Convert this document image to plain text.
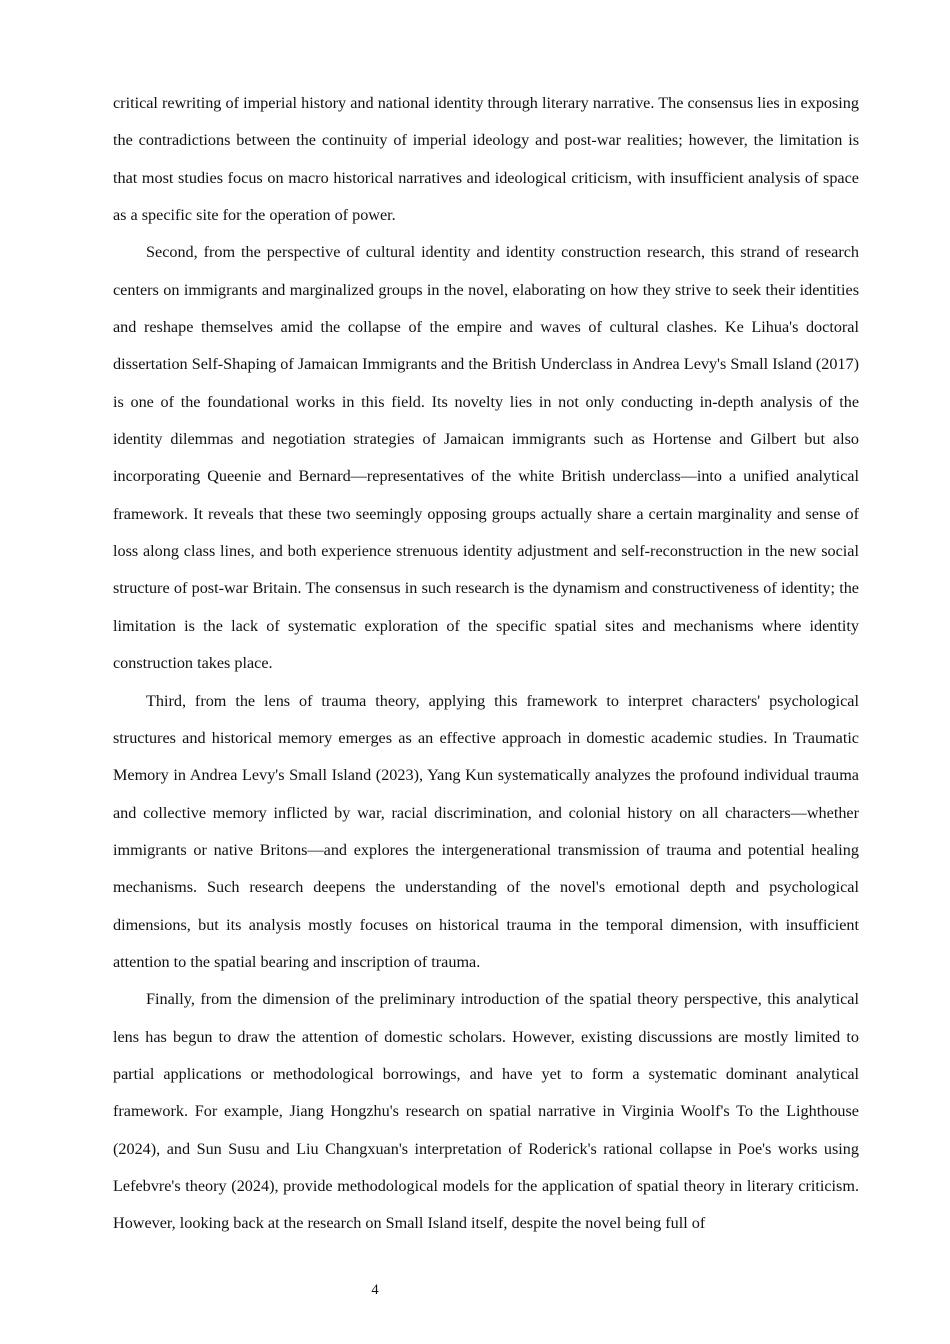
critical rewriting of imperial history and national identity through literary narrative. The consensus lies in exposing the contradictions between the continuity of imperial ideology and post-war realities; however, the limitation is that most studies focus on macro historical narratives and ideological criticism, with insufficient analysis of space as a specific site for the operation of power.

Second, from the perspective of cultural identity and identity construction research, this strand of research centers on immigrants and marginalized groups in the novel, elaborating on how they strive to seek their identities and reshape themselves amid the collapse of the empire and waves of cultural clashes. Ke Lihua's doctoral dissertation Self-Shaping of Jamaican Immigrants and the British Underclass in Andrea Levy's Small Island (2017) is one of the foundational works in this field. Its novelty lies in not only conducting in-depth analysis of the identity dilemmas and negotiation strategies of Jamaican immigrants such as Hortense and Gilbert but also incorporating Queenie and Bernard—representatives of the white British underclass—into a unified analytical framework. It reveals that these two seemingly opposing groups actually share a certain marginality and sense of loss along class lines, and both experience strenuous identity adjustment and self-reconstruction in the new social structure of post-war Britain. The consensus in such research is the dynamism and constructiveness of identity; the limitation is the lack of systematic exploration of the specific spatial sites and mechanisms where identity construction takes place.

Third, from the lens of trauma theory, applying this framework to interpret characters' psychological structures and historical memory emerges as an effective approach in domestic academic studies. In Traumatic Memory in Andrea Levy's Small Island (2023), Yang Kun systematically analyzes the profound individual trauma and collective memory inflicted by war, racial discrimination, and colonial history on all characters—whether immigrants or native Britons—and explores the intergenerational transmission of trauma and potential healing mechanisms. Such research deepens the understanding of the novel's emotional depth and psychological dimensions, but its analysis mostly focuses on historical trauma in the temporal dimension, with insufficient attention to the spatial bearing and inscription of trauma.

Finally, from the dimension of the preliminary introduction of the spatial theory perspective, this analytical lens has begun to draw the attention of domestic scholars. However, existing discussions are mostly limited to partial applications or methodological borrowings, and have yet to form a systematic dominant analytical framework. For example, Jiang Hongzhu's research on spatial narrative in Virginia Woolf's To the Lighthouse (2024), and Sun Susu and Liu Changxuan's interpretation of Roderick's rational collapse in Poe's works using Lefebvre's theory (2024), provide methodological models for the application of spatial theory in literary criticism. However, looking back at the research on Small Island itself, despite the novel being full of

4
